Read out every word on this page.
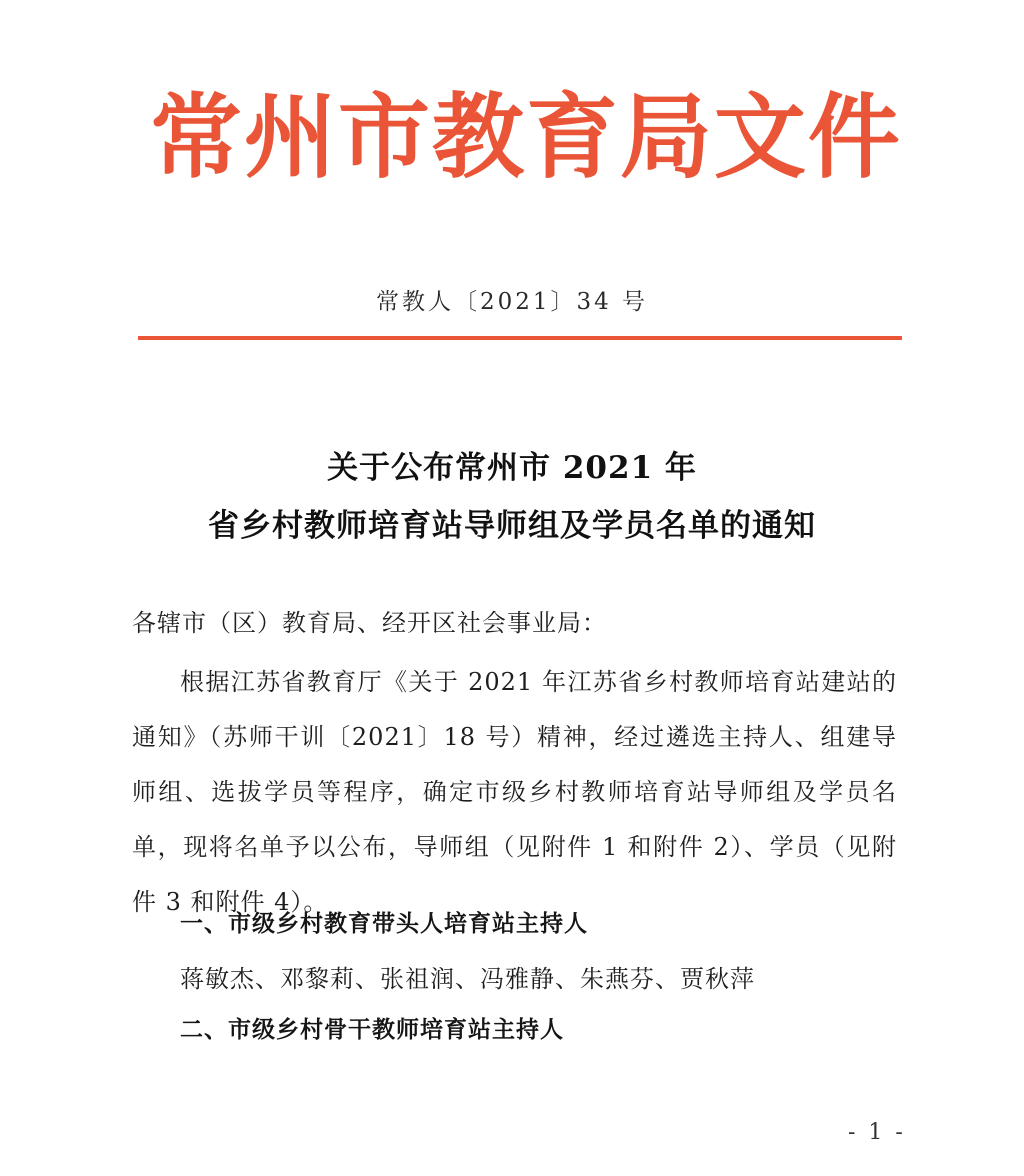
常 州 市 教 育 局 文 件
常教人〔2021〕34 号
关于公布常州市 2021 年
省乡村教师培育站导师组及学员名单的通知
各辖市（区）教育局、经开区社会事业局：
根据江苏省教育厅《关于 2021 年江苏省乡村教师培育站建站的通知》（苏师干训〔2021〕18 号）精神，经过遴选主持人、组建导师组、选拔学员等程序，确定市级乡村教师培育站导师组及学员名单，现将名单予以公布，导师组（见附件 1 和附件 2）、学员（见附件 3 和附件 4）。
一、市级乡村教育带头人培育站主持人
蒋敏杰、邓黎莉、张祖润、冯雅静、朱燕芬、贾秋萍
二、市级乡村骨干教师培育站主持人
- 1 -
